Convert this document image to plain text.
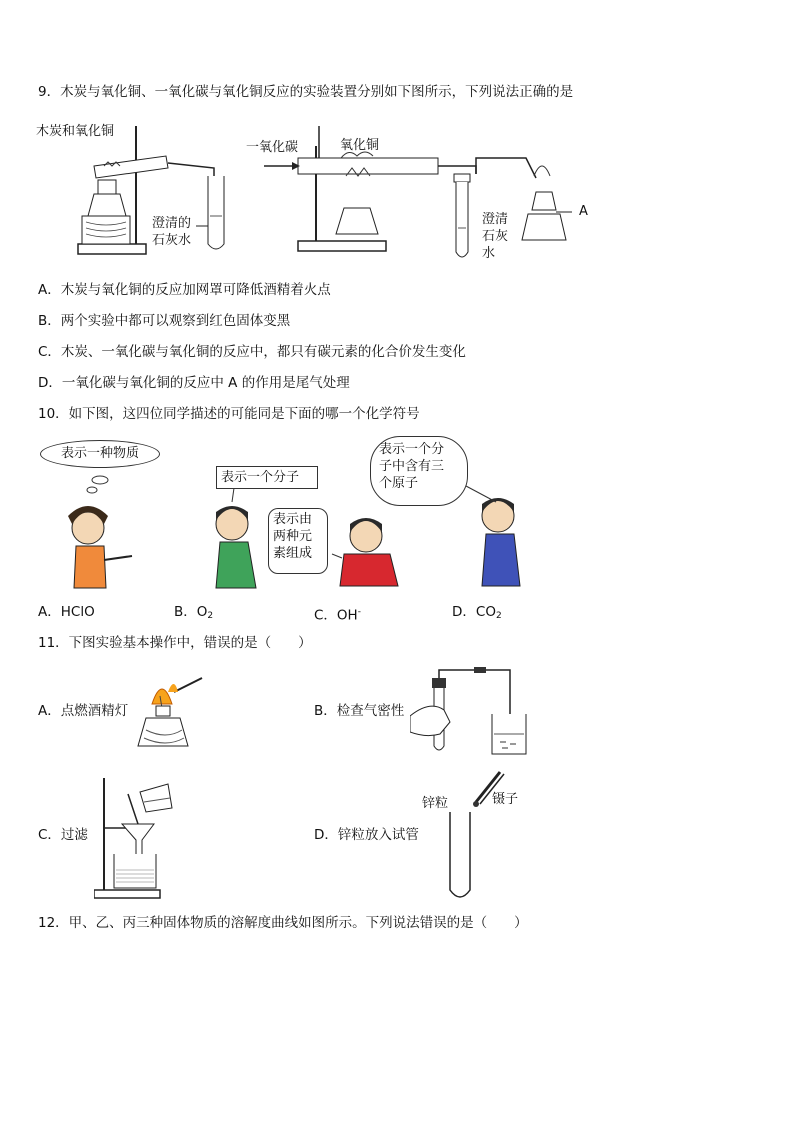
9．木炭与氧化铜、一氧化碳与氧化铜反应的实验装置分别如下图所示，下列说法正确的是
木炭和氧化铜
澄清的
石灰水
一氧化碳	氧化铜
澄清
石灰
水
A
A．木炭与氧化铜的反应加网罩可降低酒精着火点
B．两个实验中都可以观察到红色固体变黑
C．木炭、一氧化碳与氧化铜的反应中，都只有碳元素的化合价发生变化
D．一氧化碳与氧化铜的反应中 A 的作用是尾气处理
10．如下图，这四位同学描述的可能同是下面的哪一个化学符号
表示一种物质
表示一个分子
表示由
两种元
素组成
表示一个分
子中含有三
个原子
A．HClO	B．$O_2$	C．OH-	D．$CO_2$
11．下图实验基本操作中，错误的是（　　）
A．点燃酒精灯	B．检查气密性
C．过滤	D．锌粒放入试管
锌粒	镊子
12．甲、乙、丙三种固体物质的溶解度曲线如图所示。下列说法错误的是（　　）
